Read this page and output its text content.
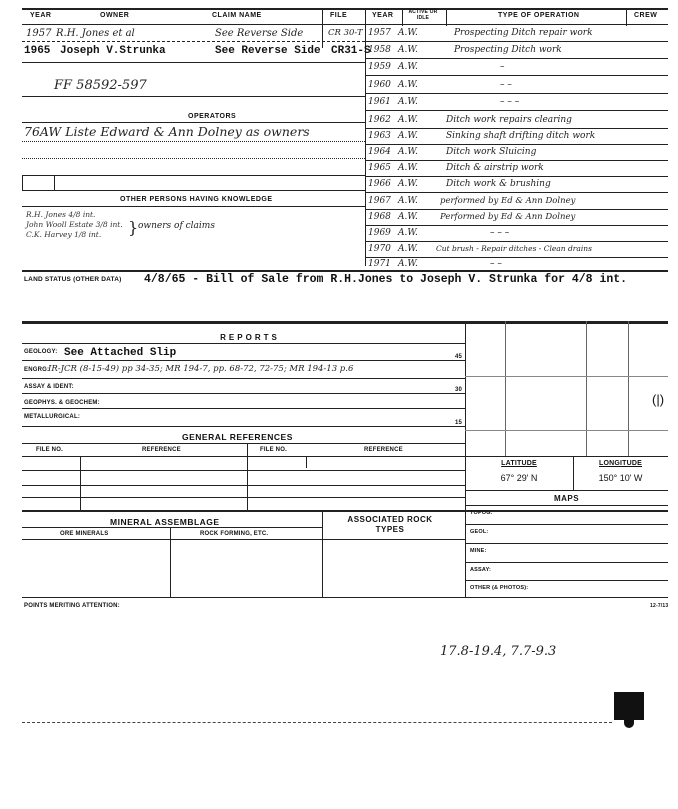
YEAR	OWNER	CLAIM NAME	FILE	YEAR	ACTIVE OR IDLE	TYPE OF OPERATION	CREW
1957 R.H. Jones et al	See Reverse Side	CR 30-T
1965 Joseph V.Strunka	See Reverse Side CR31-S
FF 58592-597
OPERATORS
76AW Liste Edward & Ann Dolney as owners
OTHER PERSONS HAVING KNOWLEDGE
R.H. Jones 4/8 int.
John Wooll Estate 3/8 int.
C.K. Harvey 1/8 int. } owners of claims
1957 A.W.	Prospecting Ditch repair work
1958 A.W.	Prospecting Ditch work
1959 A.W.	–
1960 A.W.	– –
1961 A.W.	– – –
1962 A.W.	Ditch work repairs clearing
1963 A.W.	Sinking shaft drifting ditch work
1964 A.W.	Ditch work Sluicing
1965 A.W.	Ditch & airstrip work
1966 A.W.	Ditch work & brushing
1967 A.W.	performed by Ed & Ann Dolney
1968 A.W.	Performed by Ed & Ann Dolney
1969 A.W.	– – –
1970 A.W. Cut brush - Repair ditches - Clean drains
1971 A.W.	– –
LAND STATUS (OTHER DATA) 4/8/65 - Bill of Sale from R.H.Jones to Joseph V. Strunka for 4/8 int.
REPORTS
GEOLOGY: See Attached Slip	45
ENGRG:
IR-JCR (8-15-49) pp 34-35; MR 194-7, pp. 68-72, 72-75; MR 194-13 p.6
ASSAY & IDENT:	30
GEOPHYS. & GEOCHEM:
METALLURGICAL:
15
GENERAL REFERENCES
FILE NO.	REFERENCE	FILE NO.	REFERENCE
MINERAL ASSEMBLAGE	ASSOCIATED ROCK TYPES
ORE MINERALS	ROCK FORMING, ETC.
POINTS MERITING ATTENTION:	12-7/13
(|)
LATITUDE
67° 29' N
LONGITUDE
150° 10' W
MAPS
TOPOG:
GEOL:
MINE:
ASSAY:
OTHER (& PHOTOS):
17.8-19.4, 7.7-9.3
